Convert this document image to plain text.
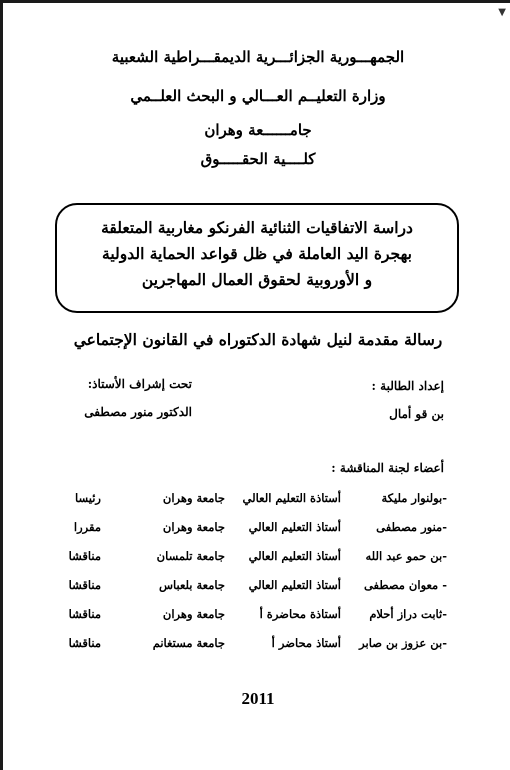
▼
الجمهـــورية الجزائـــرية الديمقـــراطية الشعبية
وزارة التعليــم العـــالي و البحث العلــمي
جامــــــعة وهران
كلــــية الحقـــــوق
دراسة الاتفاقيات الثنائية الفرنكو مغاربية المتعلقة
بهجرة اليد العاملة في ظل قواعد الحماية الدولية
و الأوروبية لحقوق العمال المهاجرين
رسالة مقدمة لنيل شهادة الدكتوراه في القانون الإجتماعي
إعداد الطالبة :
بن قو أمال
تحت إشراف الأستاذ:
الدكتور منور مصطفى
أعضاء لجنة المناقشة :
-بولنوار مليكة
أستاذة التعليم العالي
جامعة وهران
رئيسا
-منور مصطفى
أستاذ التعليم العالي
جامعة وهران
مقررا
-بن حمو عبد الله
أستاذ التعليم العالي
جامعة تلمسان
مناقشا
- معوان مصطفى
أستاذ التعليم العالي
جامعة بلعباس
مناقشا
-ثابت دراز أحلام
أستاذة محاضرة أ
جامعة وهران
مناقشا
-بن عزوز بن صابر
أستاذ محاضر أ
جامعة مستغانم
مناقشا
2011
